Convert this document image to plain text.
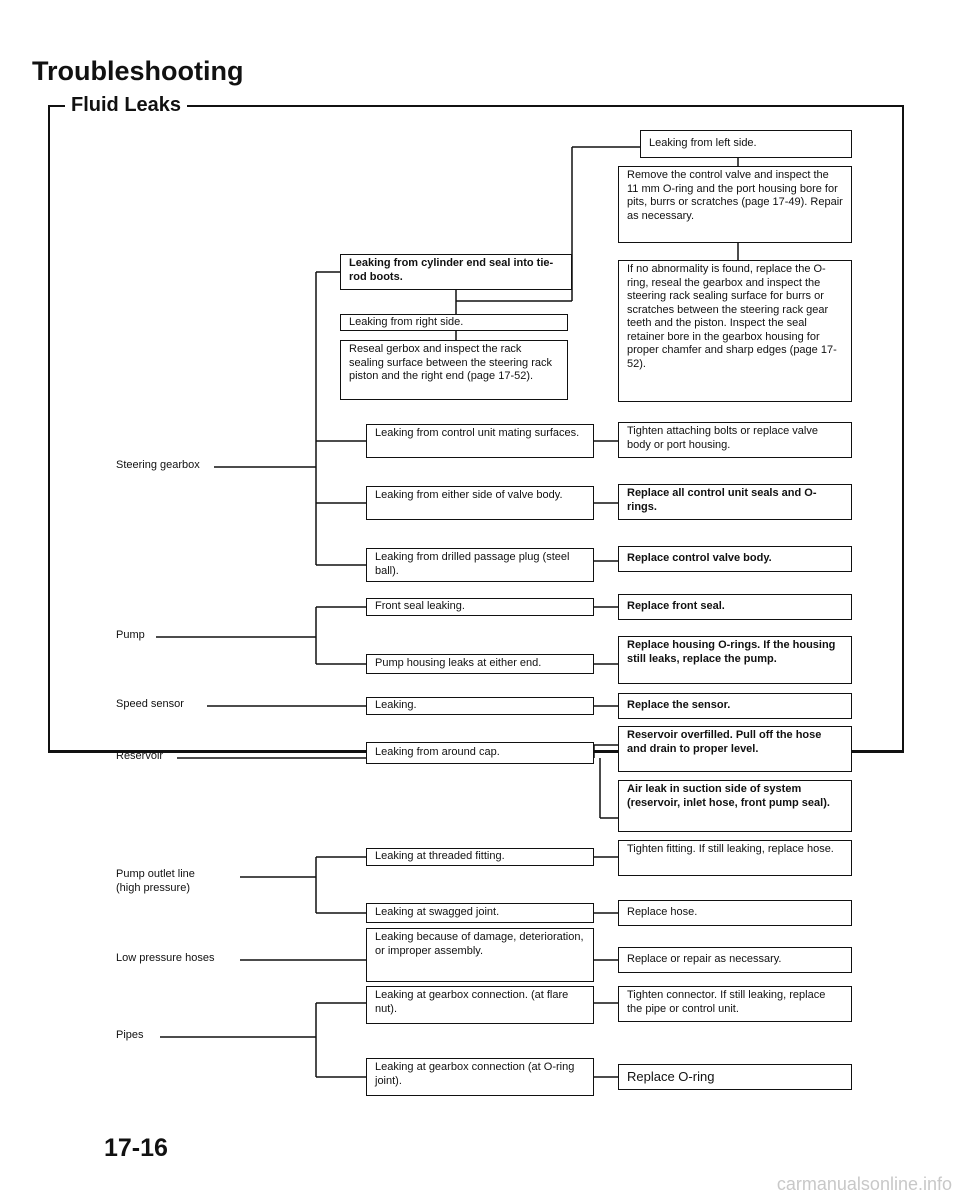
Troubleshooting
Fluid Leaks
Steering gearbox
Pump
Speed sensor
Reservoir
Pump outlet line
(high pressure)
Low pressure hoses
Pipes
Leaking from cylinder end seal into tie-rod boots.
Leaking from right side.
Reseal gerbox and inspect the rack sealing surface between the steering rack piston and the right end (page 17-52).
Leaking from control unit mating surfaces.
Leaking from either side of valve body.
Leaking from drilled passage plug (steel ball).
Leaking from left side.
Remove the control valve and inspect the 11 mm O-ring and the port housing bore for pits, burrs or scratches (page 17-49). Repair as necessary.
If no abnormality is found, replace the O-ring, reseal the gearbox and inspect the steering rack sealing surface for burrs or scratches between the steering rack gear teeth and the piston. Inspect the seal retainer bore in the gearbox housing for proper chamfer and sharp edges (page 17-52).
Tighten attaching bolts or replace valve body or port housing.
Replace all control unit seals and O-rings.
Replace control valve body.
Front seal leaking.
Pump housing leaks at either end.
Replace front seal.
Replace housing O-rings. If the housing still leaks, replace the pump.
Leaking.	Replace the sensor.
Leaking from around cap.
Reservoir overfilled. Pull off the hose and drain to proper level.
Air leak in suction side of system (reservoir, inlet hose, front pump seal).
Leaking at threaded fitting.
Leaking at swagged joint.
Tighten fitting. If still leaking, replace hose.
Replace hose.
Leaking because of damage, deterioration, or improper assembly.
Replace or repair as necessary.
Leaking at gearbox connection. (at flare nut).
Tighten connector. If still leaking, replace the pipe or control unit.
Leaking at gearbox connection (at O-ring joint).	Replace O-ring
17-16
carmanualsonline.info
